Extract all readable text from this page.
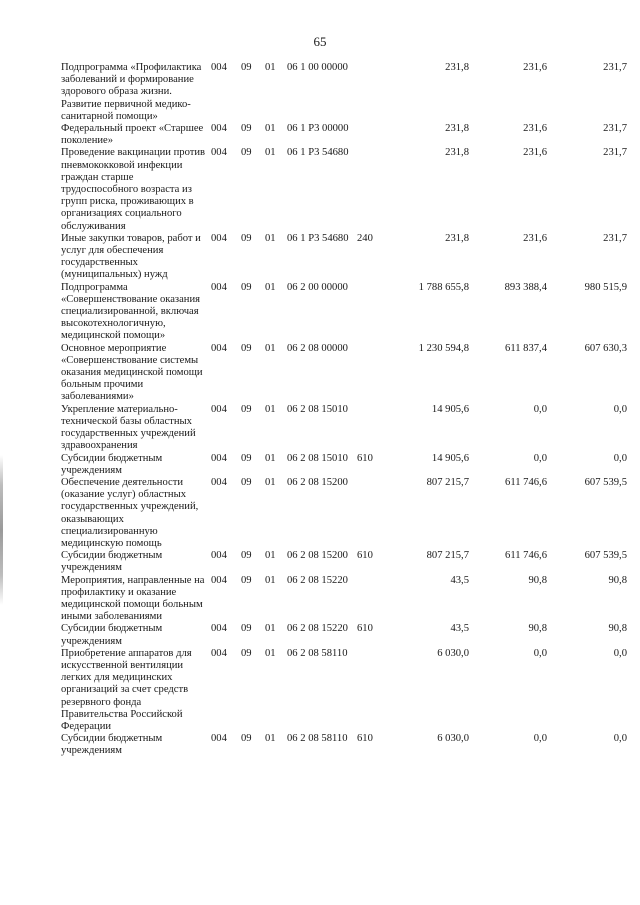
65
Подпрограмма «Профилактика заболеваний и формирование здорового образа жизни. Развитие первичной медико-санитарной помощи»	004	09	01	06 1 00 00000		231,8	231,6	231,7
Федеральный проект «Старшее поколение»	004	09	01	06 1 P3 00000		231,8	231,6	231,7
Проведение вакцинации против пневмококковой инфекции граждан старше трудоспособного возраста из групп риска, проживающих в организациях социального обслуживания	004	09	01	06 1 P3 54680		231,8	231,6	231,7
Иные закупки товаров, работ и услуг для обеспечения государственных (муниципальных) нужд	004	09	01	06 1 P3 54680	240	231,8	231,6	231,7
Подпрограмма «Совершенствование оказания специализированной, включая высокотехнологичную, медицинской помощи»	004	09	01	06 2 00 00000		1 788 655,8	893 388,4	980 515,9
Основное мероприятие «Совершенствование системы оказания медицинской помощи больным прочими заболеваниями»	004	09	01	06 2 08 00000		1 230 594,8	611 837,4	607 630,3
Укрепление материально-технической базы областных государственных учреждений здравоохранения	004	09	01	06 2 08 15010		14 905,6	0,0	0,0
Субсидии бюджетным учреждениям	004	09	01	06 2 08 15010	610	14 905,6	0,0	0,0
Обеспечение деятельности (оказание услуг) областных государственных учреждений, оказывающих специализированную медицинскую помощь	004	09	01	06 2 08 15200		807 215,7	611 746,6	607 539,5
Субсидии бюджетным учреждениям	004	09	01	06 2 08 15200	610	807 215,7	611 746,6	607 539,5
Мероприятия, направленные на профилактику и оказание медицинской помощи больным иными заболеваниями	004	09	01	06 2 08 15220		43,5	90,8	90,8
Субсидии бюджетным учреждениям	004	09	01	06 2 08 15220	610	43,5	90,8	90,8
Приобретение аппаратов для искусственной вентиляции легких для медицинских организаций за счет средств резервного фонда Правительства Российской Федерации	004	09	01	06 2 08 58110		6 030,0	0,0	0,0
Субсидии бюджетным учреждениям	004	09	01	06 2 08 58110	610	6 030,0	0,0	0,0
